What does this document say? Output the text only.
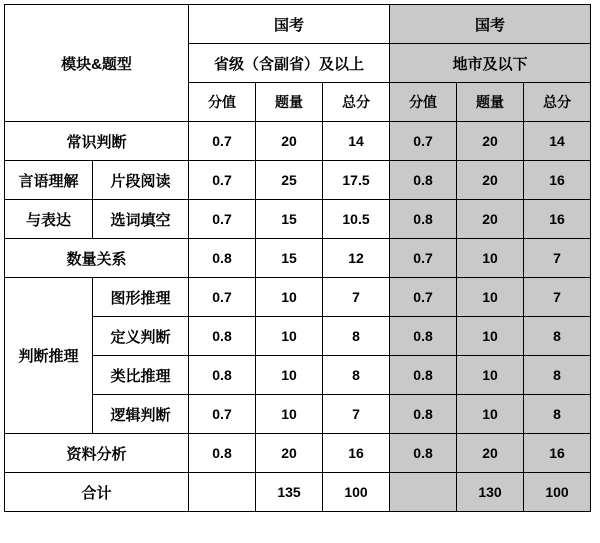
模块&题型		国考			国考		
		省级（含副省）及以上			地市及以下		
		分值	题量	总分	分值	题量	总分
常识判断		0.7	20	14	0.7	20	14
言语理解	片段阅读	0.7	25	17.5	0.8	20	16
与表达	选词填空	0.7	15	10.5	0.8	20	16
数量关系		0.8	15	12	0.7	10	7
判断推理	图形推理	0.7	10	7	0.7	10	7
	定义判断	0.8	10	8	0.8	10	8
	类比推理	0.8	10	8	0.8	10	8
	逻辑判断	0.7	10	7	0.8	10	8
资料分析		0.8	20	16	0.8	20	16
合计			135	100		130	100
